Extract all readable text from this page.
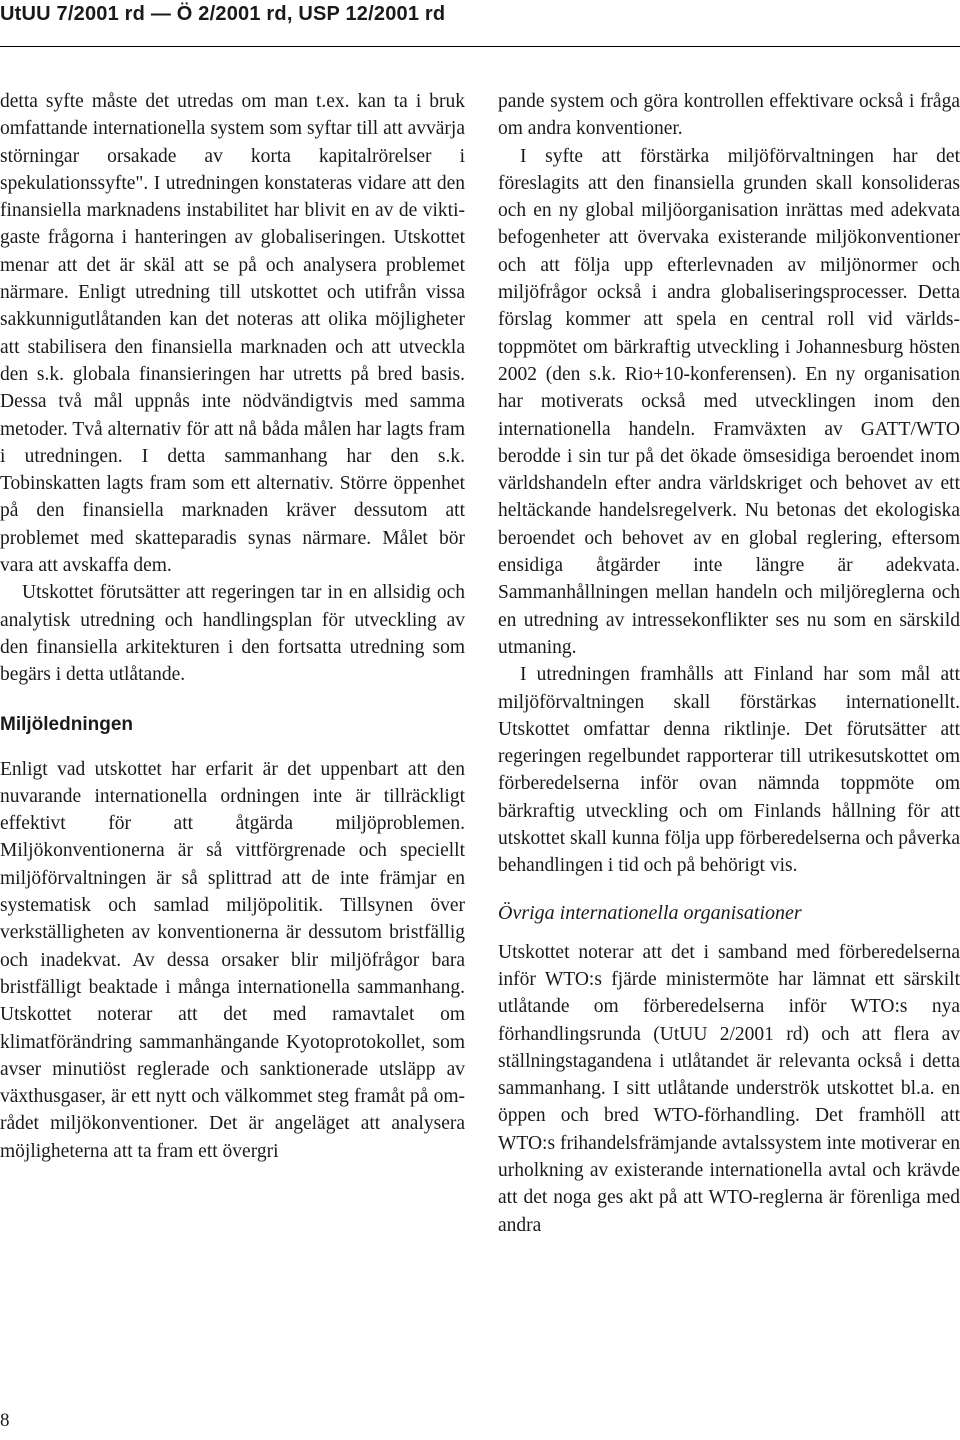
UtUU 7/2001 rd — Ö 2/2001 rd, USP 12/2001 rd

detta syfte måste det utredas om man t.ex. kan ta i bruk omfattande internationella system som syftar till att avvärja störningar orsakade av korta kapitalrörelser i spekulationssyfte". I utredningen konstateras vidare att den finansiella marknadens instabilitet har blivit en av de viktigaste frågorna i hanteringen av globaliseringen. Utskottet menar att det är skäl att se på och analysera problemet närmare. Enligt utredning till utskottet och utifrån vissa sakkunnigutlåtanden kan det noteras att olika möjligheter att stabilisera den finansiella marknaden och att utveckla den s.k. globala finansieringen har utretts på bred basis. Dessa två mål uppnås inte nödvändigtvis med samma metoder. Två alternativ för att nå båda målen har lagts fram i utredningen. I detta sammanhang har den s.k. Tobinskatten lagts fram som ett alternativ. Större öppenhet på den finansiella marknaden kräver dessutom att problemet med skatteparadis synas närmare. Målet bör vara att avskaffa dem.

Utskottet förutsätter att regeringen tar in en allsidig och analytisk utredning och handlingsplan för utveckling av den finansiella arkitekturen i den fortsatta utredning som begärs i detta utlåtande.

Miljöledningen

Enligt vad utskottet har erfarit är det uppenbart att den nuvarande internationella ordningen inte är tillräckligt effektivt för att åtgärda miljöproblemen. Miljökonventionerna är så vittförgrenade och speciellt miljöförvaltningen är så splittrad att de inte främjar en systematisk och samlad miljöpolitik. Tillsynen över verkställigheten av konventionerna är dessutom bristfällig och inadekvat. Av dessa orsaker blir miljöfrågor bara bristfälligt beaktade i många internationella sammanhang. Utskottet noterar att det med ramavtalet om klimatförändring sammanhängande Kyotoprotokollet, som avser minutiöst reglerade och sanktionerade utsläpp av växthusgaser, är ett nytt och välkommet steg framåt på området miljökonventioner. Det är angeläget att analysera möjligheterna att ta fram ett övergri

pande system och göra kontrollen effektivare också i fråga om andra konventioner.

I syfte att förstärka miljöförvaltningen har det föreslagits att den finansiella grunden skall konsolideras och en ny global miljöorganisation inrättas med adekvata befogenheter att övervaka existerande miljökonventioner och att följa upp efterlevnaden av miljönormer och miljöfrågor också i andra globaliseringsprocesser. Detta förslag kommer att spela en central roll vid världstoppmötet om bärkraftig utveckling i Johannesburg hösten 2002 (den s.k. Rio+10-konferensen). En ny organisation har motiverats också med utvecklingen inom den internationella handeln. Framväxten av GATT/WTO berodde i sin tur på det ökade ömsesidiga beroendet inom världshandeln efter andra världskriget och behovet av ett heltäckande handelsregelverk. Nu betonas det ekologiska beroendet och behovet av en global reglering, eftersom ensidiga åtgärder inte längre är adekvata. Sammanhållningen mellan handeln och miljöreglerna och en utredning av intressekonflikter ses nu som en särskild utmaning.

I utredningen framhålls att Finland har som mål att miljöförvaltningen skall förstärkas internationellt. Utskottet omfattar denna riktlinje. Det förutsätter att regeringen regelbundet rapporterar till utrikesutskottet om förberedelserna inför ovan nämnda toppmöte om bärkraftig utveckling och om Finlands hållning för att utskottet skall kunna följa upp förberedelserna och påverka behandlingen i tid och på behörigt vis.

Övriga internationella organisationer

Utskottet noterar att det i samband med förberedelserna inför WTO:s fjärde ministermöte har lämnat ett särskilt utlåtande om förberedelserna inför WTO:s nya förhandlingsrunda (UtUU 2/2001 rd) och att flera av ställningstagandena i utlåtandet är relevanta också i detta sammanhang. I sitt utlåtande underströk utskottet bl.a. en öppen och bred WTO-förhandling. Det framhöll att WTO:s frihandelsfrämjande avtalssystem inte motiverar en urholkning av existerande internationella avtal och krävde att det noga ges akt på att WTO-reglerna är förenliga med andra

8
